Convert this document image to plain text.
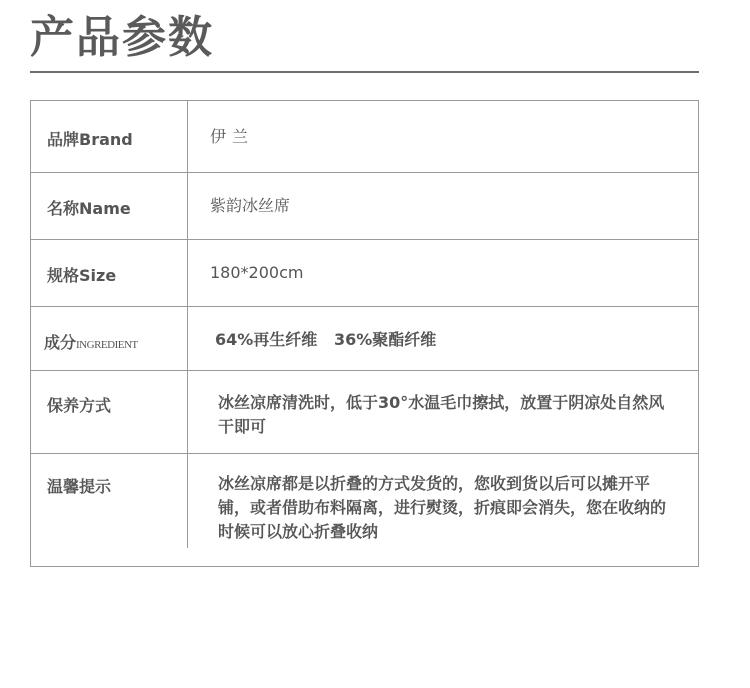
产品参数
品牌Brand	伊兰
名称Name	紫韵冰丝席
规格Size	180*200cm
成分INGREDIENT	64%再生纤维   36%聚酯纤维
保养方式	冰丝凉席清洗时，低于30°水温毛巾擦拭，放置于阴凉处自然风干即可
温馨提示	冰丝凉席都是以折叠的方式发货的，您收到货以后可以摊开平铺，或者借助布料隔离，进行熨烫，折痕即会消失，您在收纳的时候可以放心折叠收纳
